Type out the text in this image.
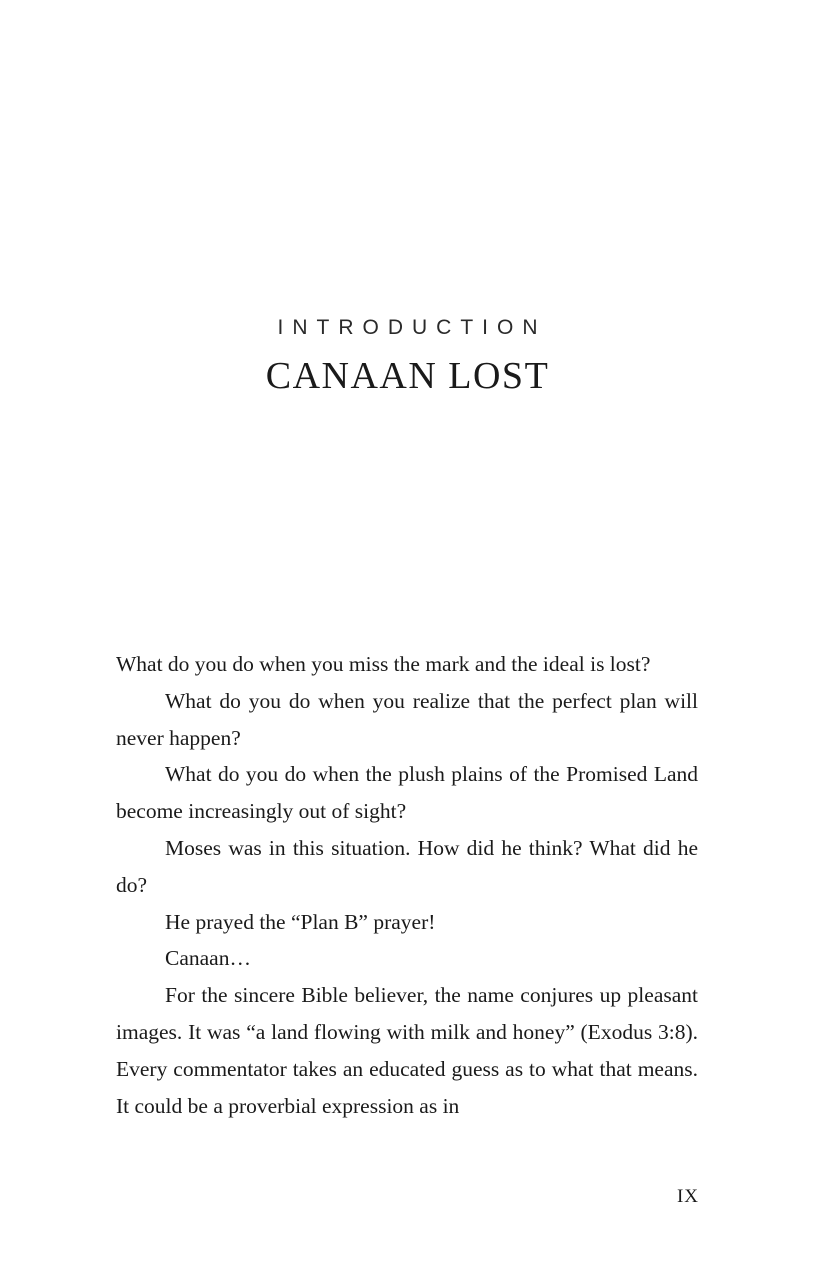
INTRODUCTION
CANAAN LOST

What do you do when you miss the mark and the ideal is lost?

What do you do when you realize that the perfect plan will never happen?

What do you do when the plush plains of the Promised Land become increasingly out of sight?

Moses was in this situation. How did he think? What did he do?

He prayed the “Plan B” prayer!

Canaan…

For the sincere Bible believer, the name conjures up pleasant images. It was “a land flowing with milk and honey” (Exodus 3:8). Every commentator takes an educated guess as to what that means. It could be a proverbial expression as in

IX
